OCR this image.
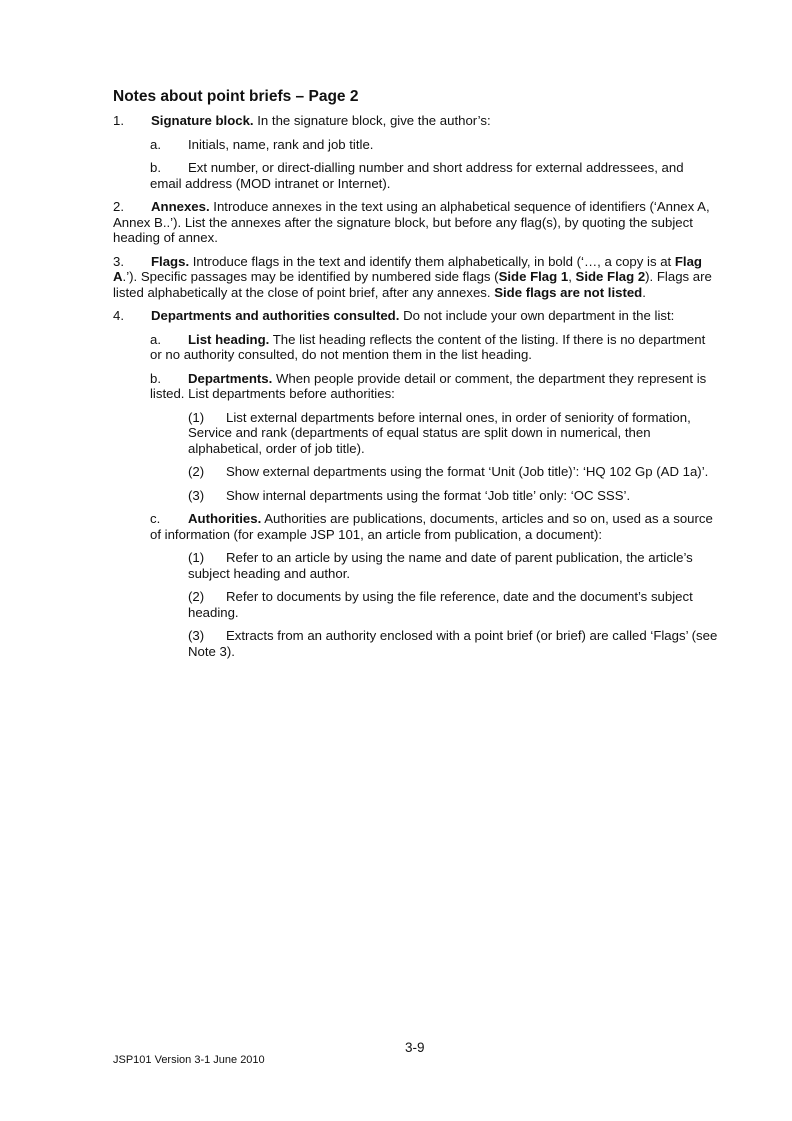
Notes about point briefs – Page 2
1. Signature block. In the signature block, give the author’s:
a. Initials, name, rank and job title.
b. Ext number, or direct-dialling number and short address for external addressees, and email address (MOD intranet or Internet).
2. Annexes. Introduce annexes in the text using an alphabetical sequence of identifiers (‘Annex A, Annex B..’). List the annexes after the signature block, but before any flag(s), by quoting the subject heading of annex.
3. Flags. Introduce flags in the text and identify them alphabetically, in bold (‘…, a copy is at Flag A.’). Specific passages may be identified by numbered side flags (Side Flag 1, Side Flag 2). Flags are listed alphabetically at the close of point brief, after any annexes. Side flags are not listed.
4. Departments and authorities consulted. Do not include your own department in the list:
a. List heading. The list heading reflects the content of the listing. If there is no department or no authority consulted, do not mention them in the list heading.
b. Departments. When people provide detail or comment, the department they represent is listed. List departments before authorities:
(1) List external departments before internal ones, in order of seniority of formation, Service and rank (departments of equal status are split down in numerical, then alphabetical, order of job title).
(2) Show external departments using the format ‘Unit (Job title)’: ‘HQ 102 Gp (AD 1a)’.
(3) Show internal departments using the format ‘Job title’ only: ‘OC SSS’.
c. Authorities. Authorities are publications, documents, articles and so on, used as a source of information (for example JSP 101, an article from publication, a document):
(1) Refer to an article by using the name and date of parent publication, the article’s subject heading and author.
(2) Refer to documents by using the file reference, date and the document’s subject heading.
(3) Extracts from an authority enclosed with a point brief (or brief) are called ‘Flags’ (see Note 3).
3-9
JSP101 Version 3-1 June 2010
